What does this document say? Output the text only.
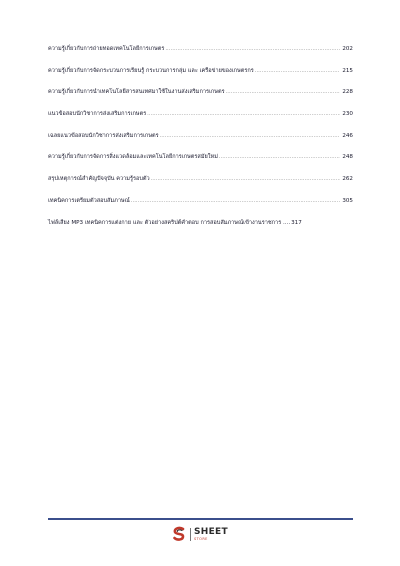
ความรู้เกี่ยวกับการถ่ายทอดเทคโนโลยีการเกษตร .....	202
ความรู้เกี่ยวกับการจัดกระบวนการเรียนรู้ กระบวนการกลุ่ม และ เครือข่ายของเกษตรกร .....	215
ความรู้เกี่ยวกับการนำเทคโนโลยีสารสนเทศมาใช้ในงานส่งเสริมการเกษตร .....	228
แนวข้อสอบนักวิชาการส่งเสริมการเกษตร .....	230
เฉลยแนวข้อสอบนักวิชาการส่งเสริมการเกษตร .....	246
ความรู้เกี่ยวกับการจัดการสิ่งแวดล้อมและเทคโนโลยีการเกษตรสมัยใหม่ .....	248
สรุปเหตุการณ์สำคัญปัจจุบัน ความรู้รอบตัว .....	262
เทคนิคการเตรียมตัวสอบสัมภาษณ์ .....	305
ไฟล์เสียง MP3 เทคนิคการแต่งกาย และ ตัวอย่างสคริปต์คำตอบ การสอบสัมภาษณ์เข้างานราชการ .... 317
SHEET
STORE
